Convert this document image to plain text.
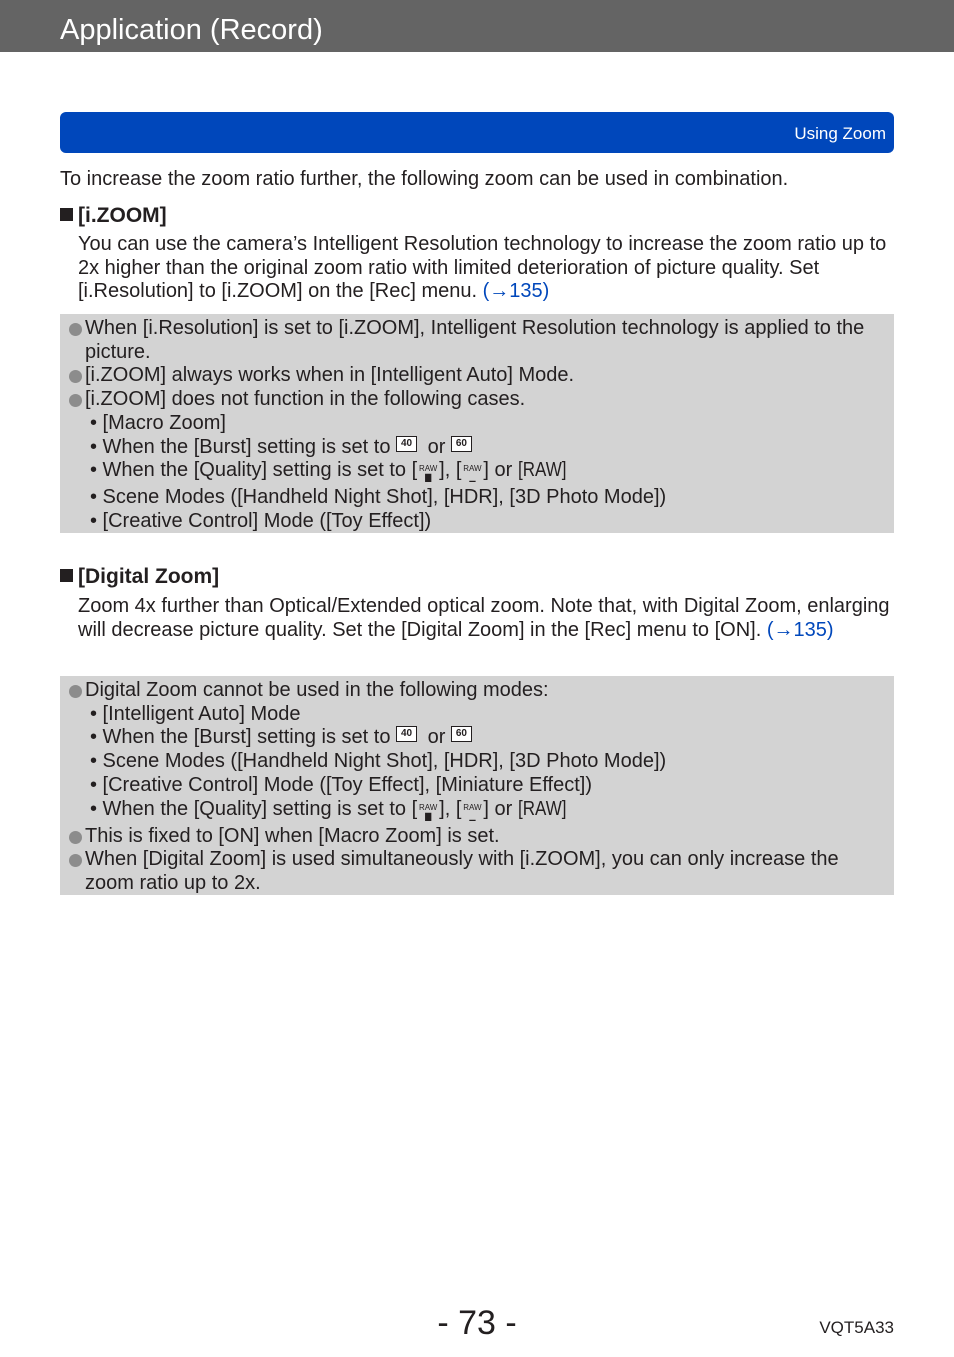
Application (Record)
Using Zoom
To increase the zoom ratio further, the following zoom can be used in combination.
[i.ZOOM]
You can use the camera’s Intelligent Resolution technology to increase the zoom ratio up to 2x higher than the original zoom ratio with limited deterioration of picture quality. Set [i.Resolution] to [i.ZOOM] on the [Rec] menu. (→135)
When [i.Resolution] is set to [i.ZOOM], Intelligent Resolution technology is applied to the picture.
[i.ZOOM] always works when in [Intelligent Auto] Mode.
[i.ZOOM] does not function in the following cases.
• [Macro Zoom]
• When the [Burst] setting is set to 40 or 60
• When the [Quality] setting is set to [ RAW
▇ ], [ RAW
▁ ] or [RAW]
• Scene Modes ([Handheld Night Shot], [HDR], [3D Photo Mode])
• [Creative Control] Mode ([Toy Effect])
[Digital Zoom]
Zoom 4x further than Optical/Extended optical zoom. Note that, with Digital Zoom, enlarging will decrease picture quality. Set the [Digital Zoom] in the [Rec] menu to [ON]. (→135)
Digital Zoom cannot be used in the following modes:
• [Intelligent Auto] Mode
• When the [Burst] setting is set to 40 or 60
• Scene Modes ([Handheld Night Shot], [HDR], [3D Photo Mode])
• [Creative Control] Mode ([Toy Effect], [Miniature Effect])
• When the [Quality] setting is set to [ RAW
▇ ], [ RAW
▁ ] or [RAW]
This is fixed to [ON] when [Macro Zoom] is set.
When [Digital Zoom] is used simultaneously with [i.ZOOM], you can only increase the zoom ratio up to 2x.
- 73 -	VQT5A33
